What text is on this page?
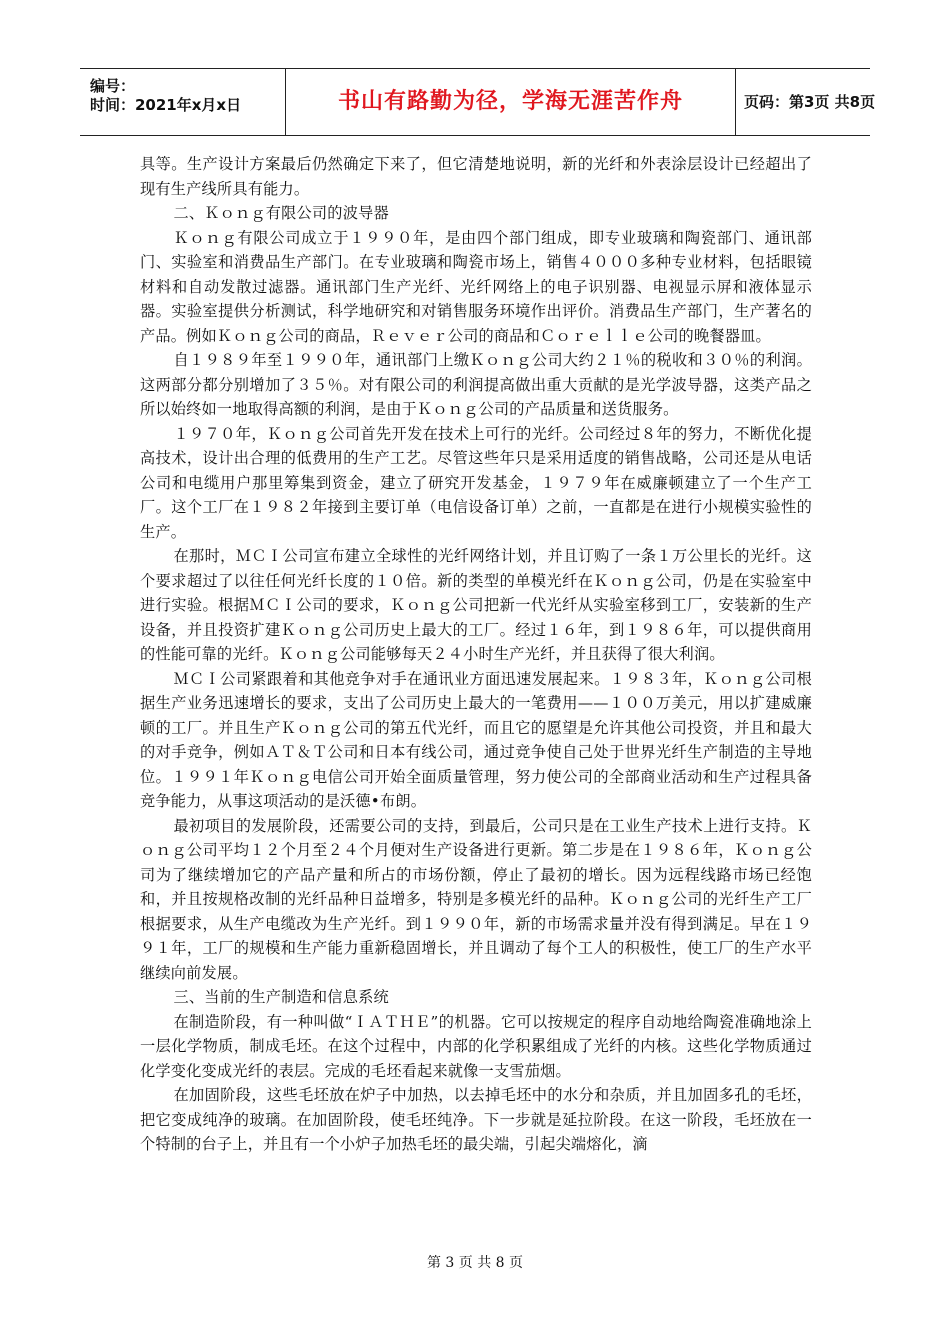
编号：
时间：2021年x月x日	书山有路勤为径，学海无涯苦作舟	页码：第3页 共8页

具等。生产设计方案最后仍然确定下来了，但它清楚地说明，新的光纤和外表涂层设计已经超出了现有生产线所具有能力。

二、Ｋｏｎｇ有限公司的波导器

Ｋｏｎｇ有限公司成立于１９９０年，是由四个部门组成，即专业玻璃和陶瓷部门、通讯部门、实验室和消费品生产部门。在专业玻璃和陶瓷市场上，销售４０００多种专业材料，包括眼镜材料和自动发散过滤器。通讯部门生产光纤、光纤网络上的电子识别器、电视显示屏和液体显示器。实验室提供分析测试，科学地研究和对销售服务环境作出评价。消费品生产部门，生产著名的产品。例如Ｋｏｎｇ公司的商品，Ｒｅｖｅｒ公司的商品和Ｃｏｒｅｌｌｅ公司的晚餐器皿。

自１９８９年至１９９０年，通讯部门上缴Ｋｏｎｇ公司大约２１％的税收和３０％的利润。这两部分都分别增加了３５％。对有限公司的利润提高做出重大贡献的是光学波导器，这类产品之所以始终如一地取得高额的利润，是由于Ｋｏｎｇ公司的产品质量和送货服务。

１９７０年，Ｋｏｎｇ公司首先开发在技术上可行的光纤。公司经过８年的努力，不断优化提高技术，设计出合理的低费用的生产工艺。尽管这些年只是采用适度的销售战略，公司还是从电话公司和电缆用户那里筹集到资金，建立了研究开发基金，１９７９年在威廉顿建立了一个生产工厂。这个工厂在１９８２年接到主要订单（电信设备订单）之前，一直都是在进行小规模实验性的生产。

在那时，ＭＣＩ公司宣布建立全球性的光纤网络计划，并且订购了一条１万公里长的光纤。这个要求超过了以往任何光纤长度的１０倍。新的类型的单模光纤在Ｋｏｎｇ公司，仍是在实验室中进行实验。根据ＭＣＩ公司的要求，Ｋｏｎｇ公司把新一代光纤从实验室移到工厂，安装新的生产设备，并且投资扩建Ｋｏｎｇ公司历史上最大的工厂。经过１６年，到１９８６年，可以提供商用的性能可靠的光纤。Ｋｏｎｇ公司能够每天２４小时生产光纤，并且获得了很大利润。

ＭＣＩ公司紧跟着和其他竞争对手在通讯业方面迅速发展起来。１９８３年，Ｋｏｎｇ公司根据生产业务迅速增长的要求，支出了公司历史上最大的一笔费用——１００万美元，用以扩建威廉顿的工厂。并且生产Ｋｏｎｇ公司的第五代光纤，而且它的愿望是允许其他公司投资，并且和最大的对手竞争，例如ＡＴ＆Ｔ公司和日本有线公司，通过竞争使自己处于世界光纤生产制造的主导地位。１９９１年Ｋｏｎｇ电信公司开始全面质量管理，努力使公司的全部商业活动和生产过程具备竞争能力，从事这项活动的是沃德•布朗。

最初项目的发展阶段，还需要公司的支持，到最后，公司只是在工业生产技术上进行支持。Ｋｏｎｇ公司平均１２个月至２４个月便对生产设备进行更新。第二步是在１９８６年，Ｋｏｎｇ公司为了继续增加它的产品产量和所占的市场份额，停止了最初的增长。因为远程线路市场已经饱和，并且按规格改制的光纤品种日益增多，特别是多模光纤的品种。Ｋｏｎｇ公司的光纤生产工厂根据要求，从生产电缆改为生产光纤。到１９９０年，新的市场需求量并没有得到满足。早在１９９１年，工厂的规模和生产能力重新稳固增长，并且调动了每个工人的积极性，使工厂的生产水平继续向前发展。

三、当前的生产制造和信息系统

在制造阶段，有一种叫做“ＩＡＴＨＥ”的机器。它可以按规定的程序自动地给陶瓷准确地涂上一层化学物质，制成毛坯。在这个过程中，内部的化学积累组成了光纤的内核。这些化学物质通过化学变化变成光纤的表层。完成的毛坯看起来就像一支雪茄烟。

在加固阶段，这些毛坯放在炉子中加热，以去掉毛坯中的水分和杂质，并且加固多孔的毛坯，把它变成纯净的玻璃。在加固阶段，使毛坯纯净。下一步就是延拉阶段。在这一阶段，毛坯放在一个特制的台子上，并且有一个小炉子加热毛坯的最尖端，引起尖端熔化，滴

第 3 页 共 8 页
